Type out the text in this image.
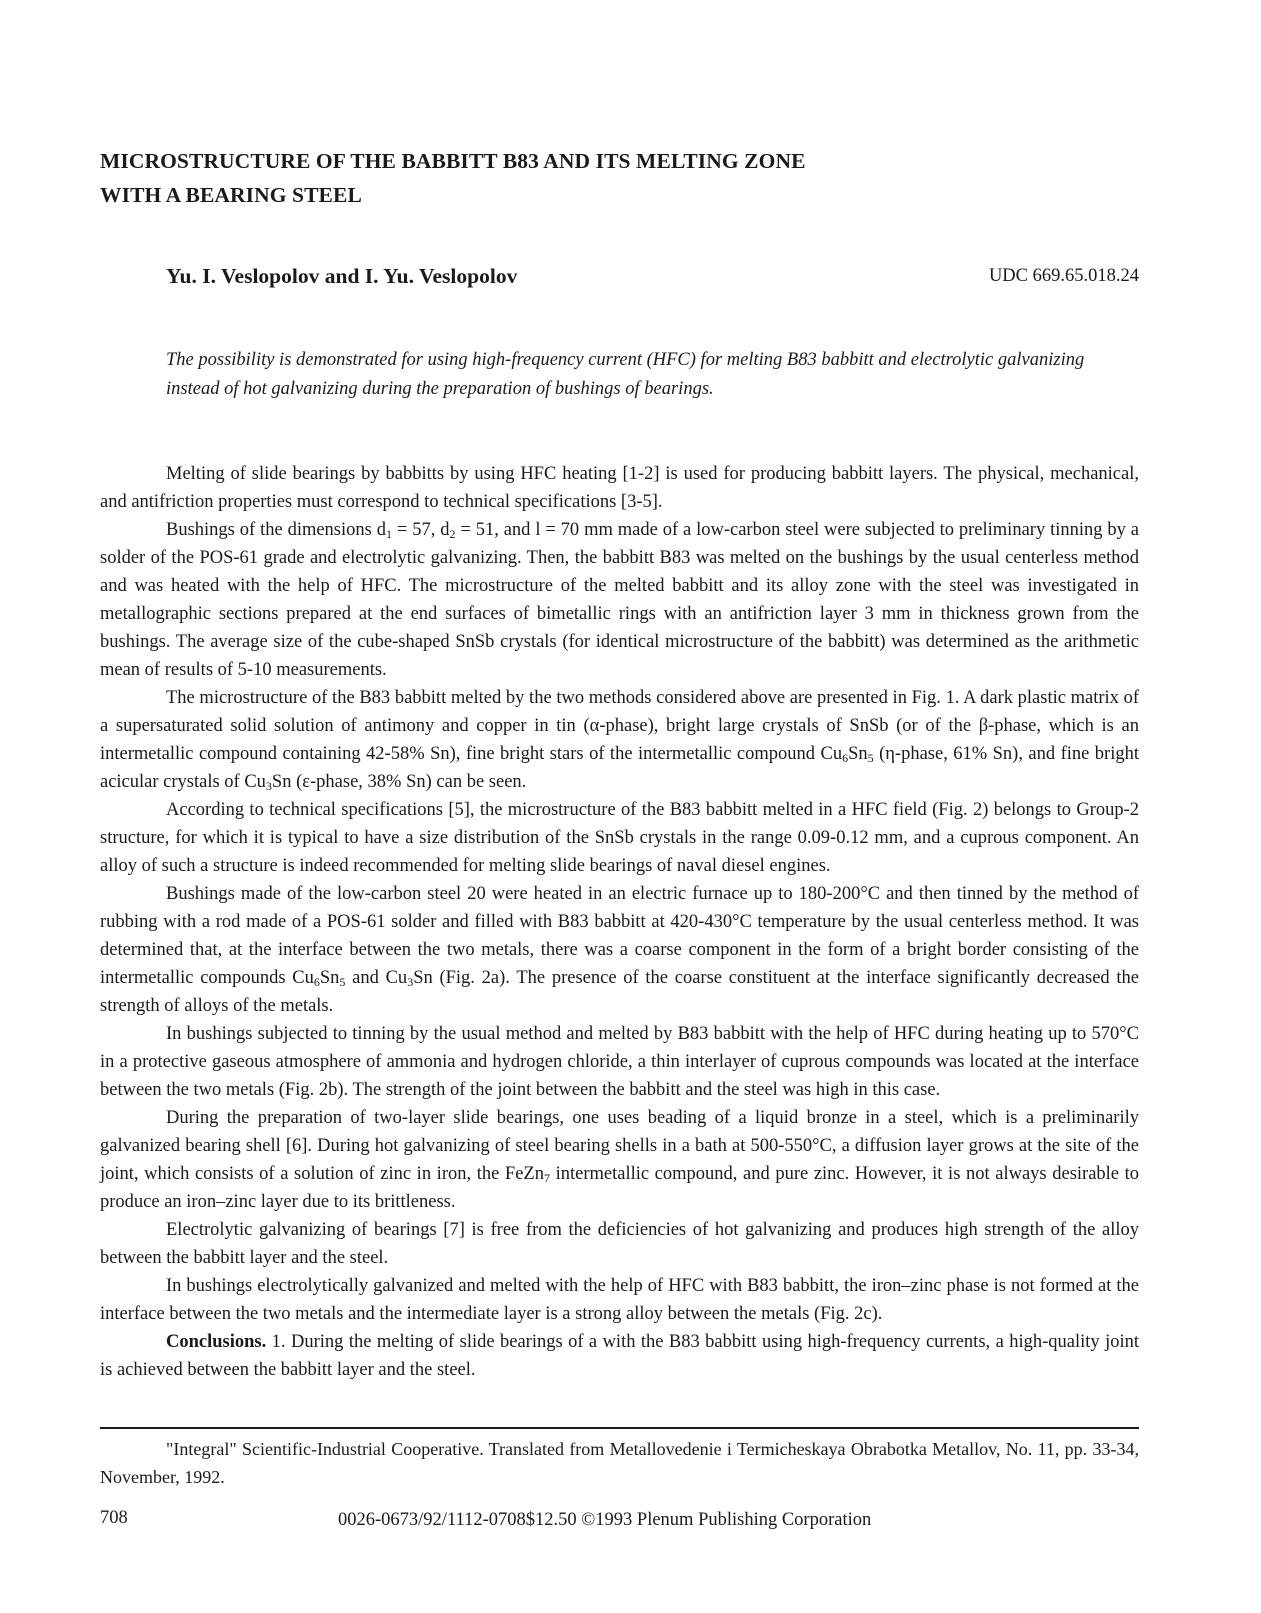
MICROSTRUCTURE OF THE BABBITT B83 AND ITS MELTING ZONE
WITH A BEARING STEEL
Yu. I. Veslopolov and I. Yu. Veslopolov	UDC 669.65.018.24
The possibility is demonstrated for using high-frequency current (HFC) for melting B83 babbitt and electrolytic galvanizing instead of hot galvanizing during the preparation of bushings of bearings.

Melting of slide bearings by babbitts by using HFC heating [1-2] is used for producing babbitt layers. The physical, mechanical, and antifriction properties must correspond to technical specifications [3-5].

Bushings of the dimensions $d_1 = 57$, $d_2 = 51$, and l = 70 mm made of a low-carbon steel were subjected to preliminary tinning by a solder of the POS-61 grade and electrolytic galvanizing. Then, the babbitt B83 was melted on the bushings by the usual centerless method and was heated with the help of HFC. The microstructure of the melted babbitt and its alloy zone with the steel was investigated in metallographic sections prepared at the end surfaces of bimetallic rings with an antifriction layer 3 mm in thickness grown from the bushings. The average size of the cube-shaped SnSb crystals (for identical microstructure of the babbitt) was determined as the arithmetic mean of results of 5-10 measurements.

The microstructure of the B83 babbitt melted by the two methods considered above are presented in Fig. 1. A dark plastic matrix of a supersaturated solid solution of antimony and copper in tin (α-phase), bright large crystals of SnSb (or of the β-phase, which is an intermetallic compound containing 42-58% Sn), fine bright stars of the intermetallic compound $Cu_6Sn_5$ (η-phase, 61% Sn), and fine bright acicular crystals of $Cu_3Sn$ (ε-phase, 38% Sn) can be seen.

According to technical specifications [5], the microstructure of the B83 babbitt melted in a HFC field (Fig. 2) belongs to Group-2 structure, for which it is typical to have a size distribution of the SnSb crystals in the range 0.09-0.12 mm, and a cuprous component. An alloy of such a structure is indeed recommended for melting slide bearings of naval diesel engines.

Bushings made of the low-carbon steel 20 were heated in an electric furnace up to 180-200°C and then tinned by the method of rubbing with a rod made of a POS-61 solder and filled with B83 babbitt at 420-430°C temperature by the usual centerless method. It was determined that, at the interface between the two metals, there was a coarse component in the form of a bright border consisting of the intermetallic compounds $Cu_6Sn_5$ and $Cu_3Sn$ (Fig. 2a). The presence of the coarse constituent at the interface significantly decreased the strength of alloys of the metals.

In bushings subjected to tinning by the usual method and melted by B83 babbitt with the help of HFC during heating up to 570°C in a protective gaseous atmosphere of ammonia and hydrogen chloride, a thin interlayer of cuprous compounds was located at the interface between the two metals (Fig. 2b). The strength of the joint between the babbitt and the steel was high in this case.

During the preparation of two-layer slide bearings, one uses beading of a liquid bronze in a steel, which is a preliminarily galvanized bearing shell [6]. During hot galvanizing of steel bearing shells in a bath at 500-550°C, a diffusion layer grows at the site of the joint, which consists of a solution of zinc in iron, the FeZn$_7$ intermetallic compound, and pure zinc. However, it is not always desirable to produce an iron–zinc layer due to its brittleness.

Electrolytic galvanizing of bearings [7] is free from the deficiencies of hot galvanizing and produces high strength of the alloy between the babbitt layer and the steel.

In bushings electrolytically galvanized and melted with the help of HFC with B83 babbitt, the iron–zinc phase is not formed at the interface between the two metals and the intermediate layer is a strong alloy between the metals (Fig. 2c).

Conclusions. 1. During the melting of slide bearings of a with the B83 babbitt using high-frequency currents, a high-quality joint is achieved between the babbitt layer and the steel.

"Integral" Scientific-Industrial Cooperative. Translated from Metallovedenie i Termicheskaya Obrabotka Metallov, No. 11, pp. 33-34, November, 1992.

708	0026-0673/92/1112-0708$12.50 ©1993 Plenum Publishing Corporation
